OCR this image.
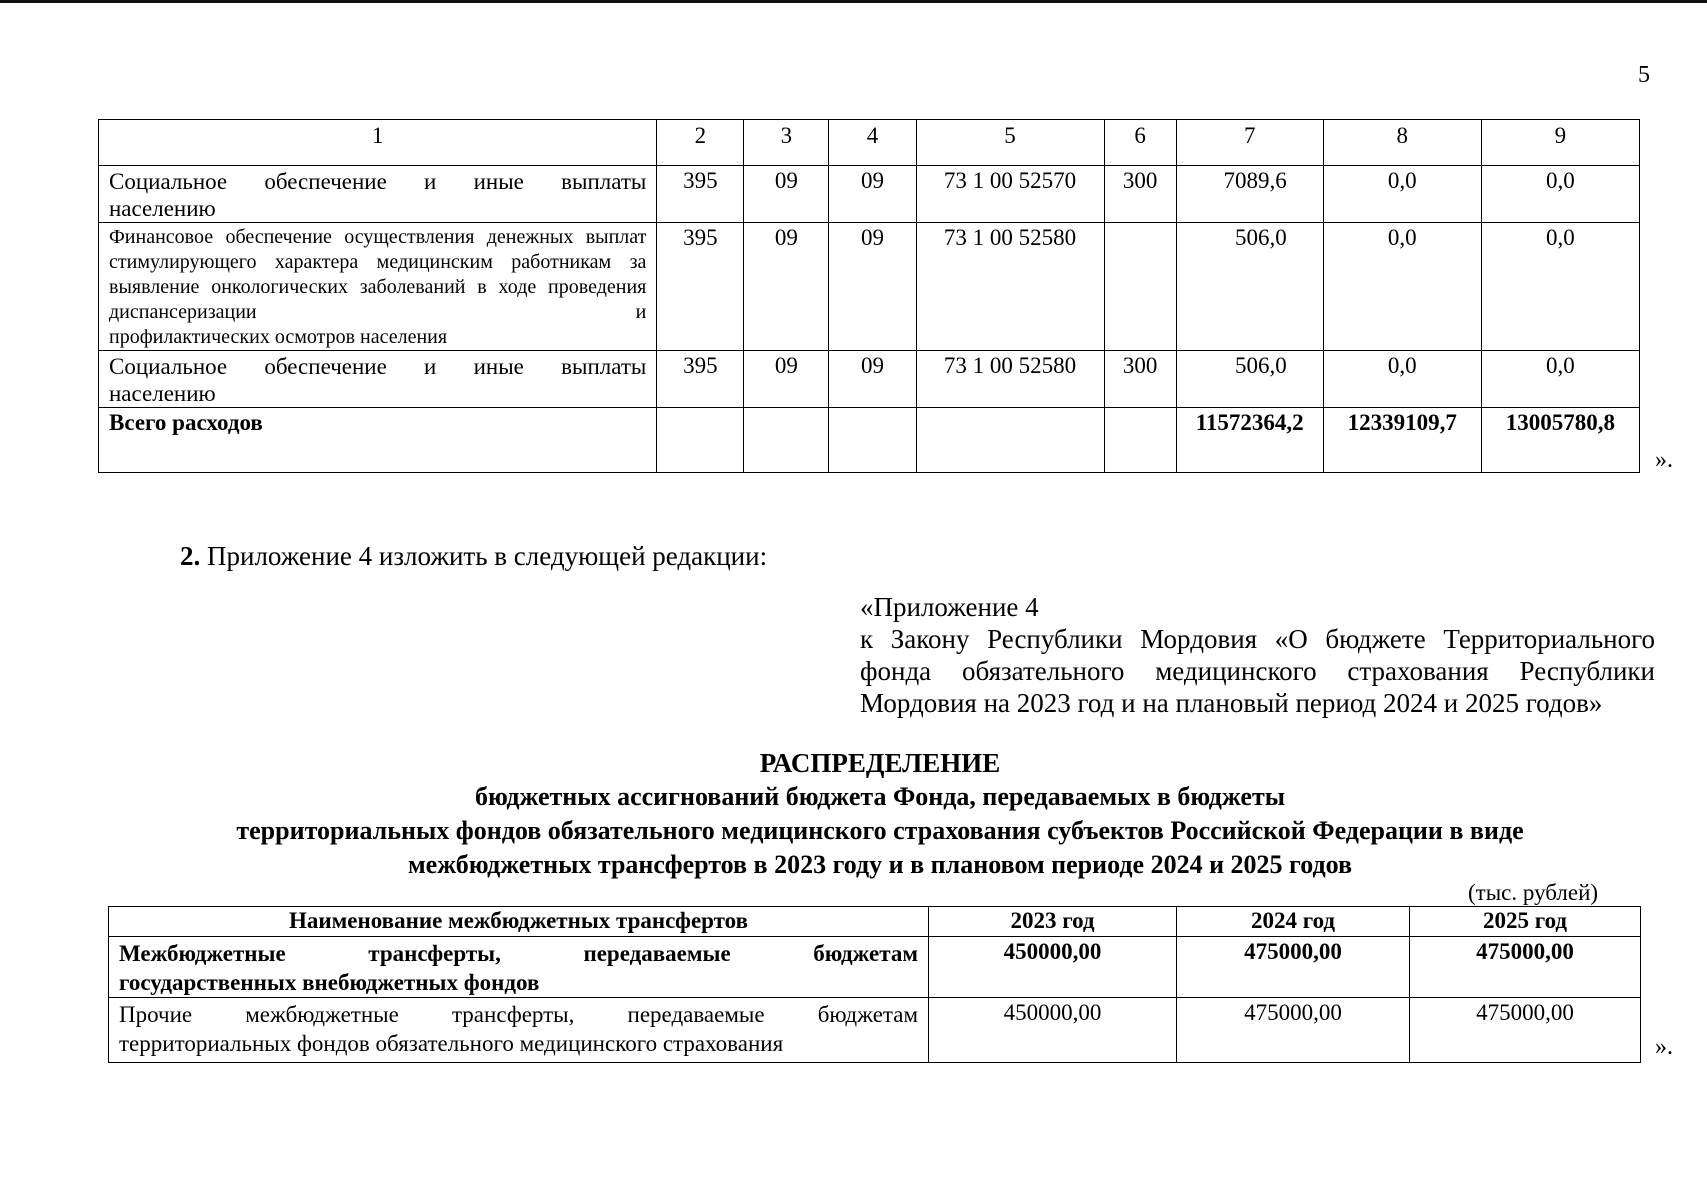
5
1	2	3	4	5	6	7	8	9
Социальное обеспечение и иные выплаты
населению	395	09	09	73 1 00 52570	300	7089,6	0,0	0,0
Финансовое обеспечение осуществления денежных выплат стимулирующего характера медицинским работникам за выявление онкологических заболеваний в ходе проведения диспансеризации и
профилактических осмотров населения	395	09	09	73 1 00 52580		506,0	0,0	0,0
Социальное обеспечение и иные выплаты
населению	395	09	09	73 1 00 52580	300	506,0	0,0	0,0
Всего расходов						11572364,2	12339109,7	13005780,8
».
2. Приложение 4 изложить в следующей редакции:
«Приложение 4
к Закону Республики Мордовия «О бюджете Территориального
фонда обязательного медицинского страхования Республики
Мордовия на 2023 год и на плановый период 2024 и 2025 годов»
РАСПРЕДЕЛЕНИЕ
бюджетных ассигнований бюджета Фонда, передаваемых в бюджеты
территориальных фондов обязательного медицинского страхования субъектов Российской Федерации в виде
межбюджетных трансфертов в 2023 году и в плановом периоде 2024 и 2025 годов
(тыс. рублей)
Наименование межбюджетных трансфертов	2023 год	2024 год	2025 год
Межбюджетные трансферты, передаваемые бюджетам
государственных внебюджетных фондов	450000,00	475000,00	475000,00
Прочие межбюджетные трансферты, передаваемые бюджетам
территориальных фондов обязательного медицинского страхования	450000,00	475000,00	475000,00
».
